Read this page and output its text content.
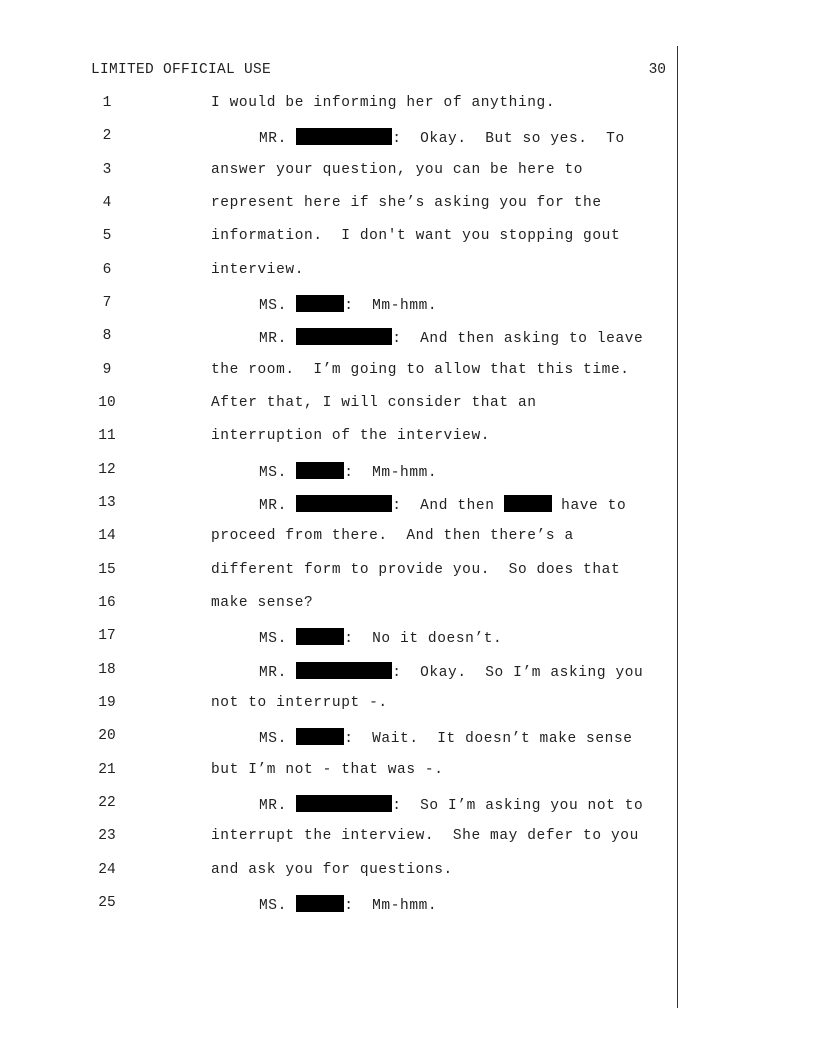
LIMITED OFFICIAL USE	30
1	I would be informing her of anything.
2	MR.	:  Okay.  But so yes.  To
3	answer your question, you can be here to
4	represent here if she’s asking you for the
5	information.  I don't want you stopping gout
6	interview.
7	MS.	:  Mm-hmm.
8	MR.	:  And then asking to leave
9	the room.  I’m going to allow that this time.
10	After that, I will consider that an
11	interruption of the interview.
12	MS.	:  Mm-hmm.
13	MR.	:  And then	have to
14	proceed from there.  And then there’s a
15	different form to provide you.  So does that
16	make sense?
17	MS.	:  No it doesn’t.
18	MR.	:  Okay.  So I’m asking you
19	not to interrupt -.
20	MS.	:  Wait.  It doesn’t make sense
21	but I’m not - that was -.
22	MR.	:  So I’m asking you not to
23	interrupt the interview.  She may defer to you
24	and ask you for questions.
25	MS.	:  Mm-hmm.
